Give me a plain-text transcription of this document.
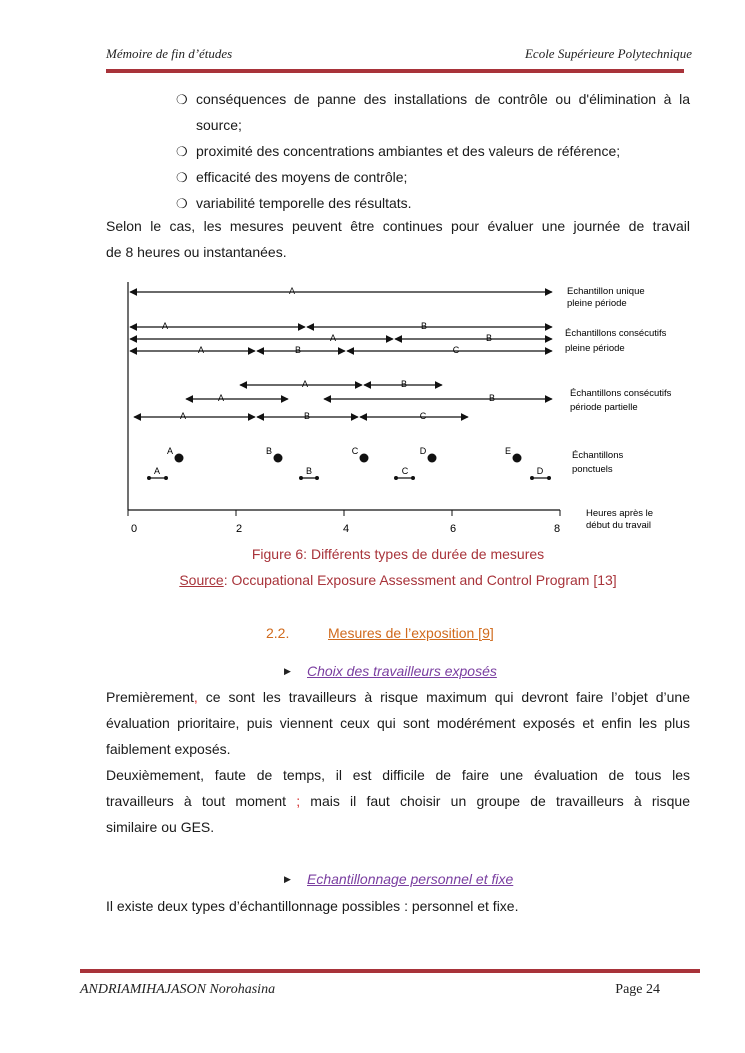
Mémoire de fin d’études	Ecole Supérieure Polytechnique
❍ conséquences de panne des installations de contrôle ou d'élimination à la
source;
❍ proximité des concentrations ambiantes et des valeurs de référence;
❍ efficacité des moyens de contrôle;
❍ variabilité temporelle des résultats.
Selon le cas, les mesures peuvent être continues pour évaluer une journée de travail
de 8 heures ou instantanées.
0	2	4	6	8
Heures après le
début du travail
A	Echantillon unique
pleine période
A	B
A	B
A	B	C
Échantillons consécutifs
pleine période
A	B
A	B
A	B	C
Échantillons consécutifs
période partielle
A	B	C	D	E
A	B	C	D
Échantillons
ponctuels
Figure 6: Différents types de durée de mesures
Source: Occupational Exposure Assessment and Control Program [13]
2.2.	Mesures de l’exposition [9]
▶ Choix des travailleurs exposés
Premièrement, ce sont les travailleurs à risque maximum qui devront faire l’objet d’une
évaluation prioritaire, puis viennent ceux qui sont modérément exposés et enfin les plus
faiblement exposés.
Deuxièmement, faute de temps, il est difficile de faire une évaluation de tous les
travailleurs à tout moment ; mais il faut choisir un groupe de travailleurs à risque
similaire ou GES.
▶ Echantillonnage personnel et fixe
Il existe deux types d’échantillonnage possibles : personnel et fixe.
ANDRIAMIHAJASON Norohasina	Page 24
